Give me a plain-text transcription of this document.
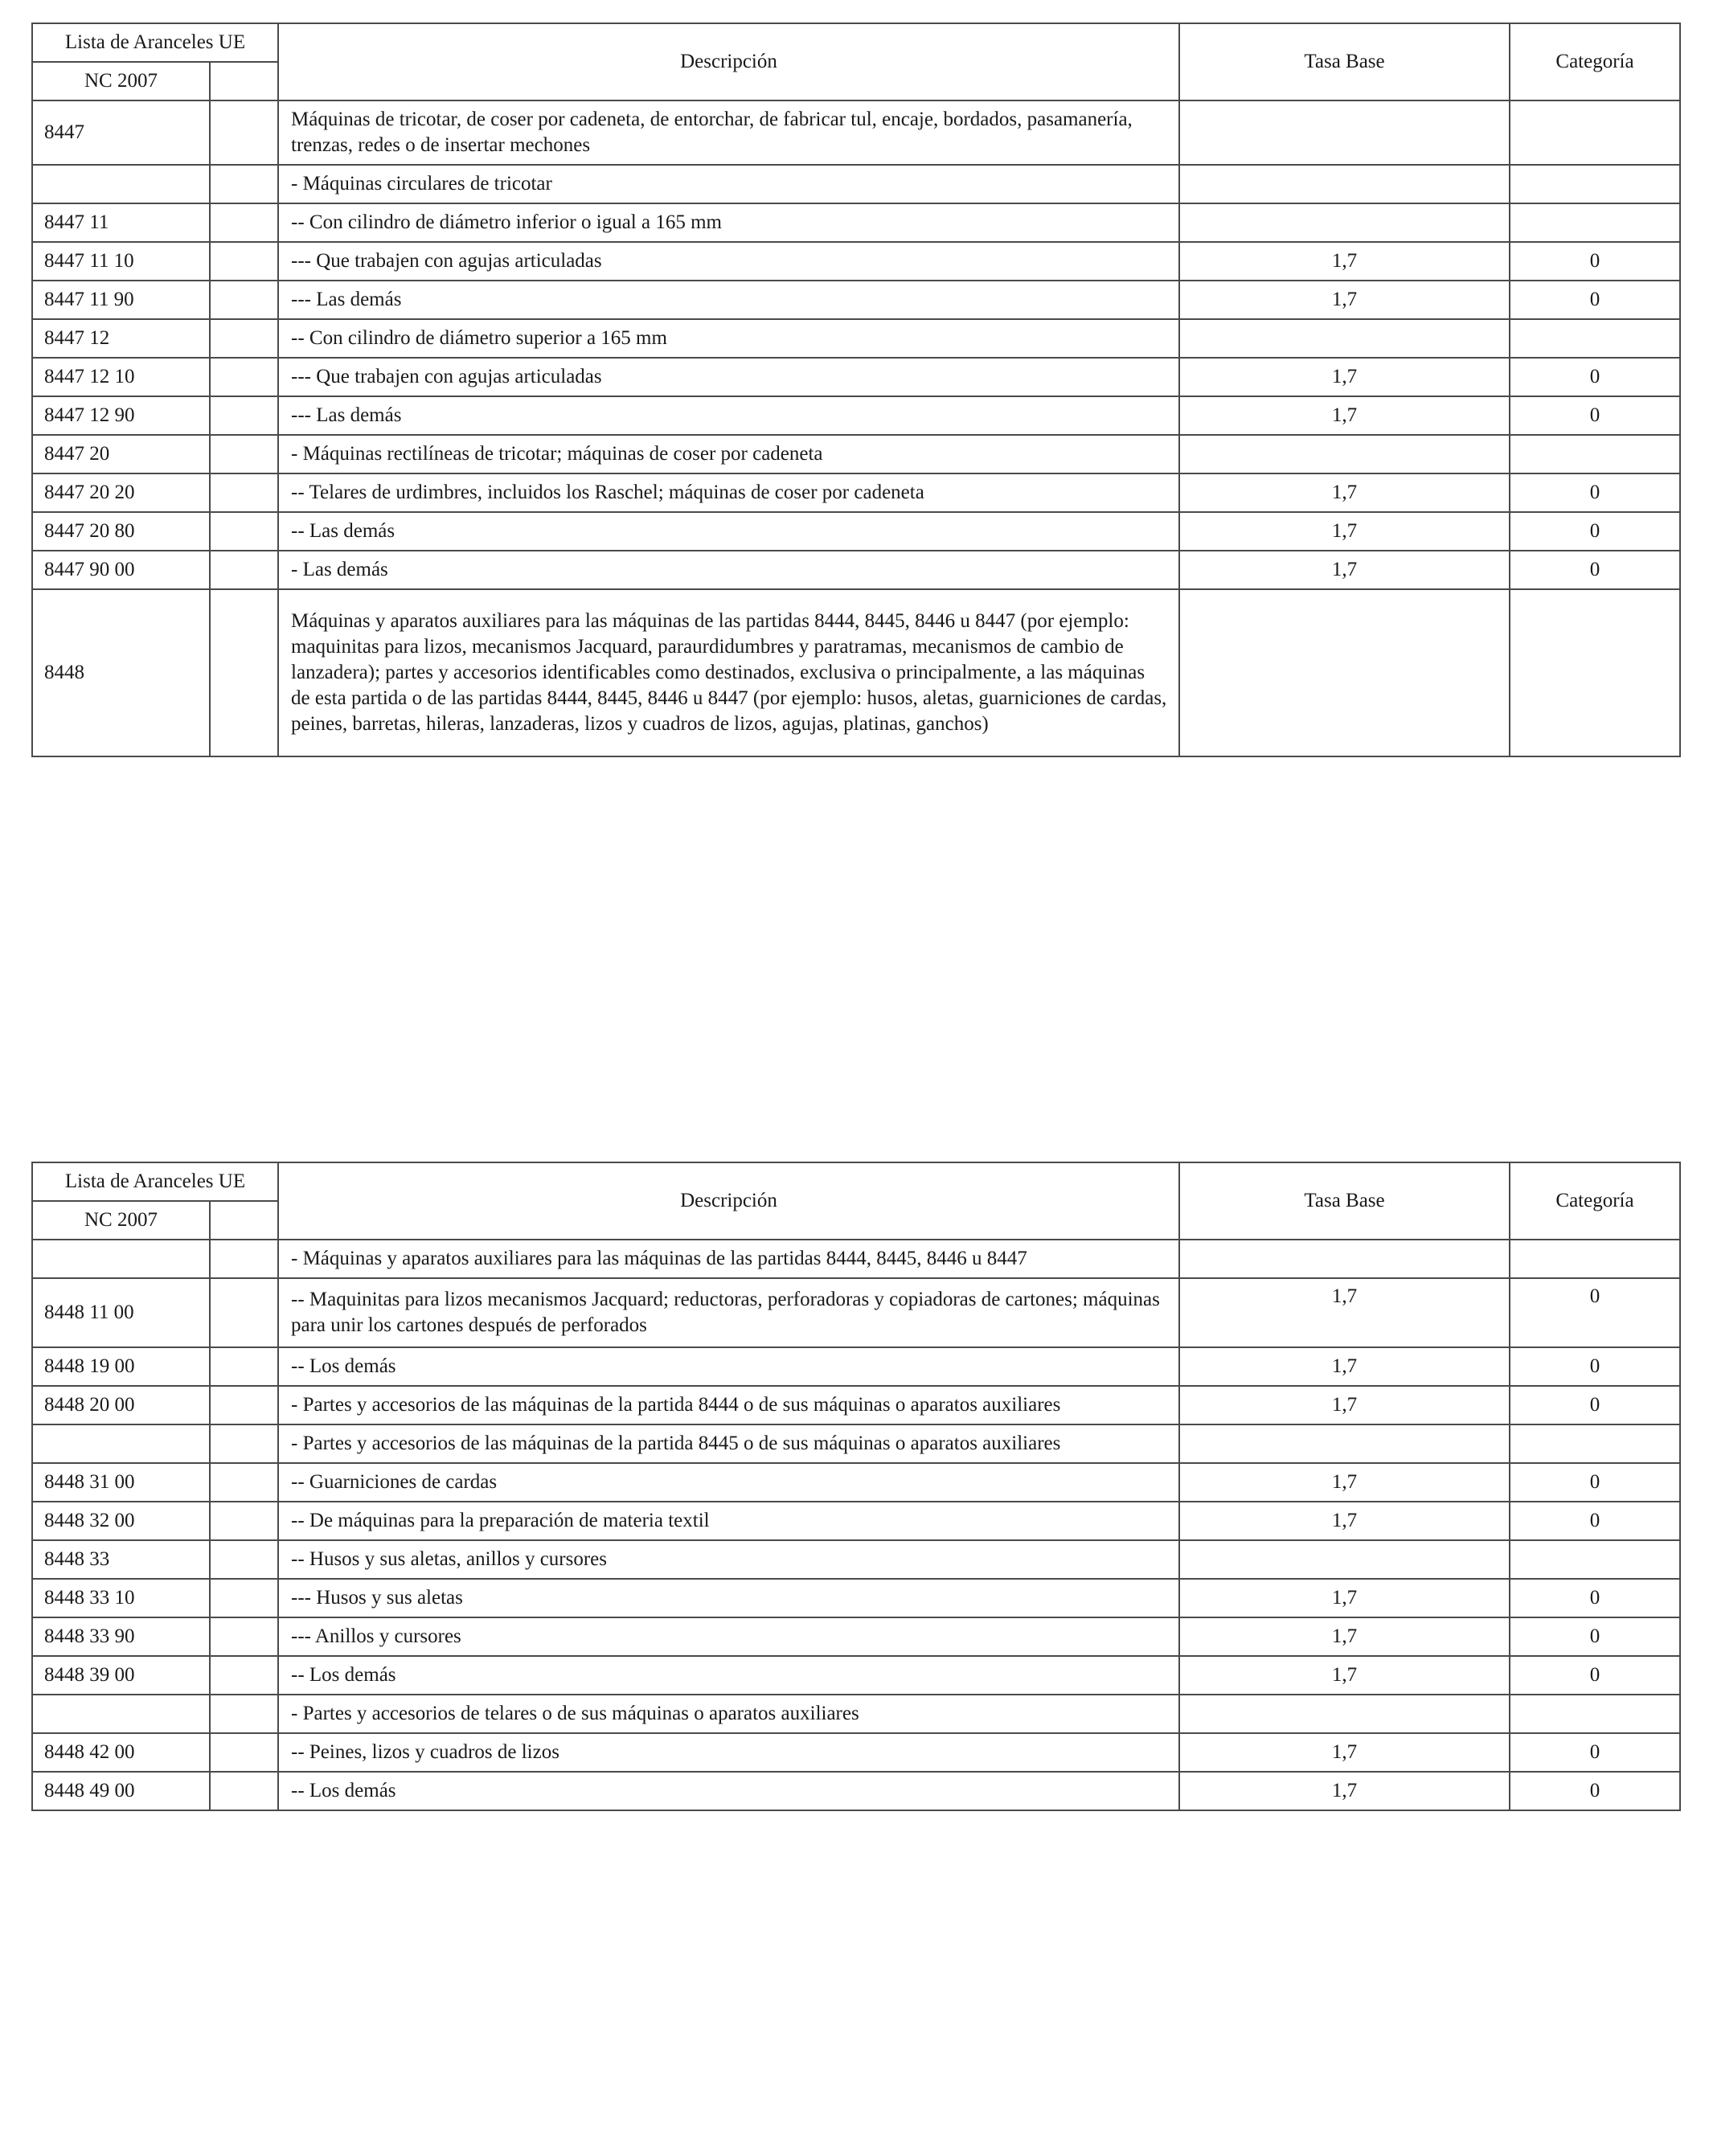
Lista de Aranceles UE		Descripción	Tasa Base	Categoría
NC 2007				
8447		Máquinas de tricotar, de coser por cadeneta, de entorchar, de fabricar tul, encaje, bordados, pasamanería, trenzas, redes o de insertar mechones		
		- Máquinas circulares de tricotar		
8447 11		-- Con cilindro de diámetro inferior o igual a 165 mm		
8447 11 10		--- Que trabajen con agujas articuladas	1,7	0
8447 11 90		--- Las demás	1,7	0
8447 12		-- Con cilindro de diámetro superior a 165 mm		
8447 12 10		--- Que trabajen con agujas articuladas	1,7	0
8447 12 90		--- Las demás	1,7	0
8447 20		- Máquinas rectilíneas de tricotar; máquinas de coser por cadeneta		
8447 20 20		-- Telares de urdimbres, incluidos los Raschel; máquinas de coser por cadeneta	1,7	0
8447 20 80		-- Las demás	1,7	0
8447 90 00		- Las demás	1,7	0
8448		Máquinas y aparatos auxiliares para las máquinas de las partidas 8444, 8445, 8446 u 8447 (por ejemplo: maquinitas para lizos, mecanismos Jacquard, paraurdidumbres y paratramas, mecanismos de cambio de lanzadera); partes y accesorios identificables como destinados, exclusiva o principalmente, a las máquinas de esta partida o de las partidas 8444, 8445, 8446 u 8447 (por ejemplo: husos, aletas, guarniciones de cardas, peines, barretas, hileras, lanzaderas, lizos y cuadros de lizos, agujas, platinas, ganchos)		
Lista de Aranceles UE		Descripción	Tasa Base	Categoría
NC 2007				
		- Máquinas y aparatos auxiliares para las máquinas de las partidas 8444, 8445, 8446 u 8447		
8448 11 00		-- Maquinitas para lizos mecanismos Jacquard; reductoras, perforadoras y copiadoras de cartones; máquinas para unir los cartones después de perforados	1,7	0
8448 19 00		-- Los demás	1,7	0
8448 20 00		- Partes y accesorios de las máquinas de la partida 8444 o de sus máquinas o aparatos auxiliares	1,7	0
		- Partes y accesorios de las máquinas de la partida 8445 o de sus máquinas o aparatos auxiliares		
8448 31 00		-- Guarniciones de cardas	1,7	0
8448 32 00		-- De máquinas para la preparación de materia textil	1,7	0
8448 33		-- Husos y sus aletas, anillos y cursores		
8448 33 10		--- Husos y sus aletas	1,7	0
8448 33 90		--- Anillos y cursores	1,7	0
8448 39 00		-- Los demás	1,7	0
		- Partes y accesorios de telares o de sus máquinas o aparatos auxiliares		
8448 42 00		-- Peines, lizos y cuadros de lizos	1,7	0
8448 49 00		-- Los demás	1,7	0
